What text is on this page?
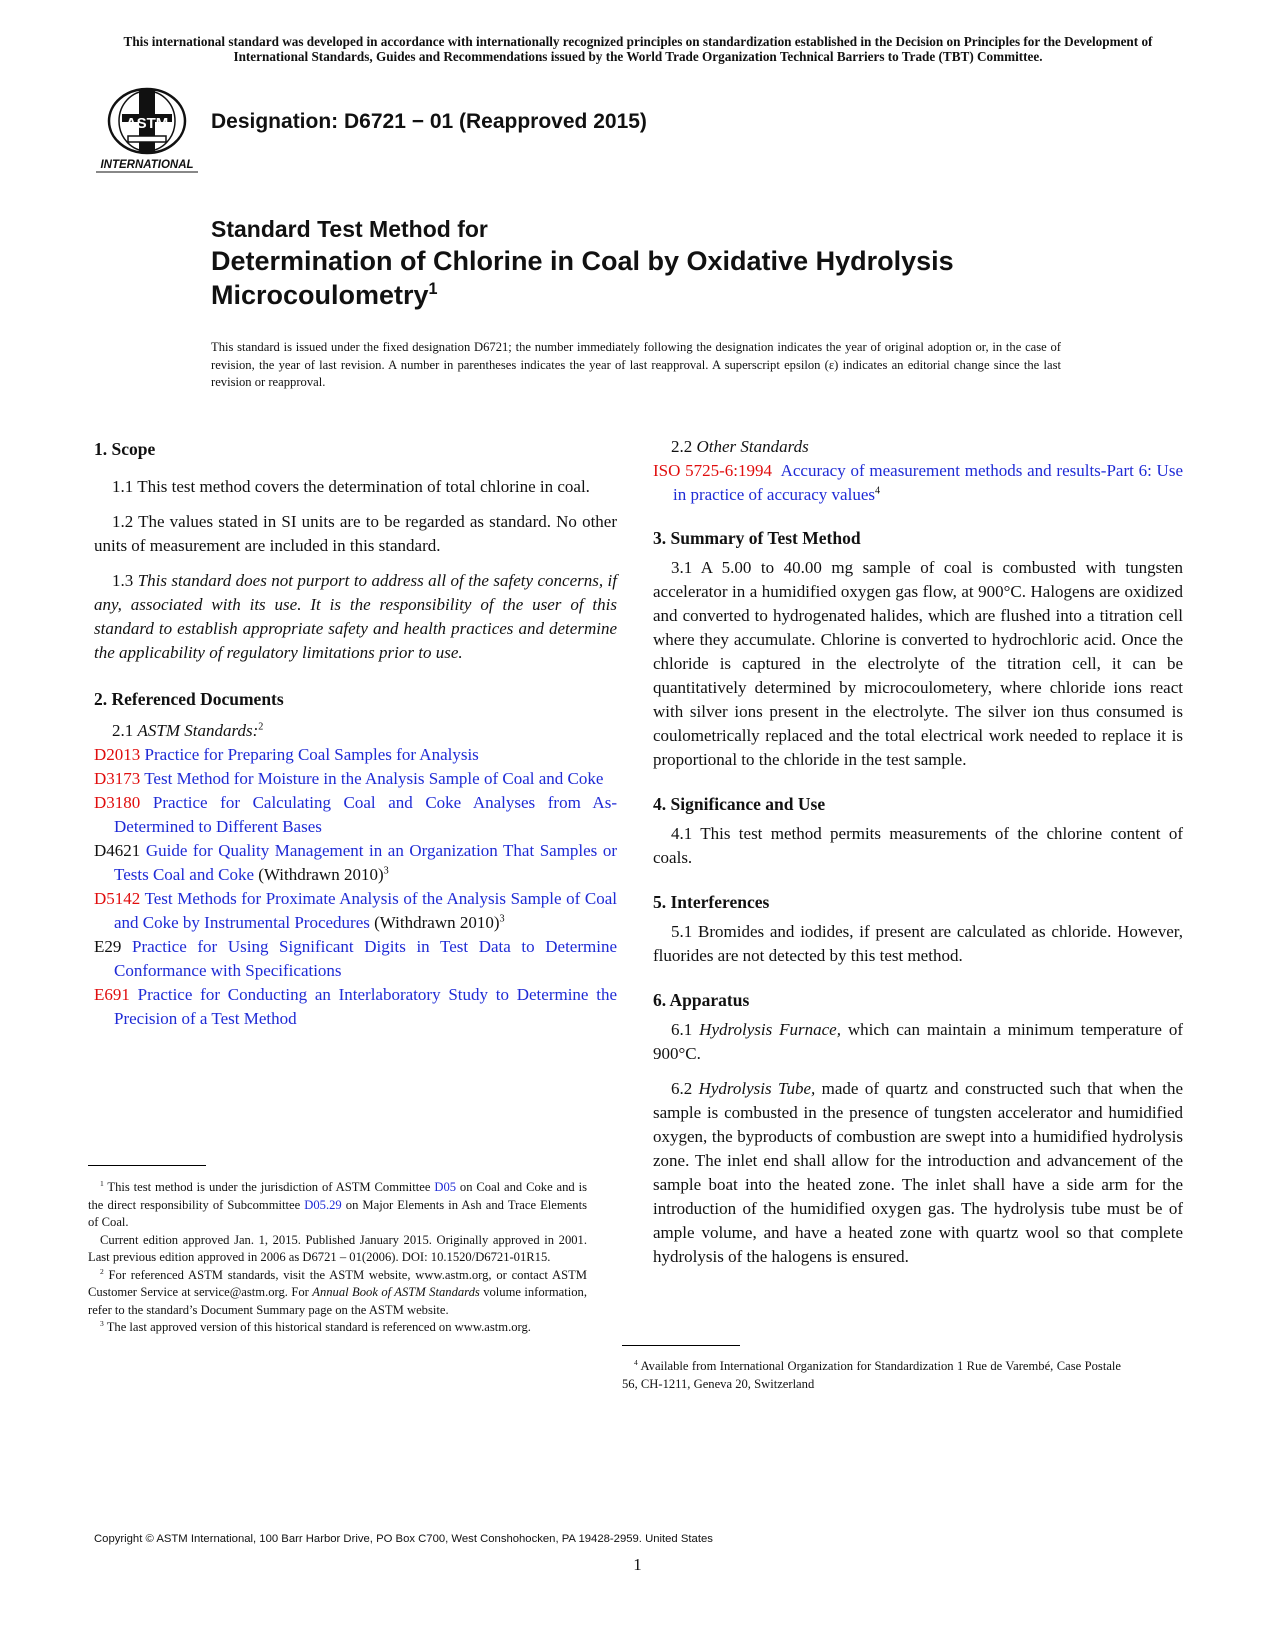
This international standard was developed in accordance with internationally recognized principles on standardization established in the Decision on Principles for the Development of International Standards, Guides and Recommendations issued by the World Trade Organization Technical Barriers to Trade (TBT) Committee.
ASTM
INTERNATIONAL
Designation: D6721 − 01 (Reapproved 2015)
Standard Test Method for
Determination of Chlorine in Coal by Oxidative Hydrolysis
Microcoulometry$^1$
This standard is issued under the fixed designation D6721; the number immediately following the designation indicates the year of original adoption or, in the case of revision, the year of last revision. A number in parentheses indicates the year of last reapproval. A superscript epsilon (ε) indicates an editorial change since the last revision or reapproval.
1. Scope

1.1 This test method covers the determination of total chlorine in coal.

1.2 The values stated in SI units are to be regarded as standard. No other units of measurement are included in this standard.

1.3 This standard does not purport to address all of the safety concerns, if any, associated with its use. It is the responsibility of the user of this standard to establish appropriate safety and health practices and determine the applicability of regulatory limitations prior to use.

2. Referenced Documents

2.1 ASTM Standards:$^2$

D2013 Practice for Preparing Coal Samples for Analysis

D3173 Test Method for Moisture in the Analysis Sample of Coal and Coke

D3180 Practice for Calculating Coal and Coke Analyses from As-Determined to Different Bases

D4621 Guide for Quality Management in an Organization That Samples or Tests Coal and Coke (Withdrawn 2010)$^3$

D5142 Test Methods for Proximate Analysis of the Analysis Sample of Coal and Coke by Instrumental Procedures (Withdrawn 2010)$^3$

E29 Practice for Using Significant Digits in Test Data to Determine Conformance with Specifications

E691 Practice for Conducting an Interlaboratory Study to Determine the Precision of a Test Method

$^1$ This test method is under the jurisdiction of ASTM Committee D05 on Coal and Coke and is the direct responsibility of Subcommittee D05.29 on Major Elements in Ash and Trace Elements of Coal.

Current edition approved Jan. 1, 2015. Published January 2015. Originally approved in 2001. Last previous edition approved in 2006 as D6721 – 01(2006). DOI: 10.1520/D6721-01R15.

$^2$ For referenced ASTM standards, visit the ASTM website, www.astm.org, or contact ASTM Customer Service at service@astm.org. For Annual Book of ASTM Standards volume information, refer to the standard’s Document Summary page on the ASTM website.

$^3$ The last approved version of this historical standard is referenced on www.astm.org.

2.2 Other Standards

ISO 5725-6:1994 Accuracy of measurement methods and results-Part 6: Use in practice of accuracy values$^4$

3. Summary of Test Method

3.1 A 5.00 to 40.00 mg sample of coal is combusted with tungsten accelerator in a humidified oxygen gas flow, at 900°C. Halogens are oxidized and converted to hydrogenated halides, which are flushed into a titration cell where they accumulate. Chlorine is converted to hydrochloric acid. Once the chloride is captured in the electrolyte of the titration cell, it can be quantitatively determined by microcoulometery, where chloride ions react with silver ions present in the electrolyte. The silver ion thus consumed is coulometrically replaced and the total electrical work needed to replace it is proportional to the chloride in the test sample.

4. Significance and Use

4.1 This test method permits measurements of the chlorine content of coals.

5. Interferences

5.1 Bromides and iodides, if present are calculated as chloride. However, fluorides are not detected by this test method.

6. Apparatus

6.1 Hydrolysis Furnace, which can maintain a minimum temperature of 900°C.

6.2 Hydrolysis Tube, made of quartz and constructed such that when the sample is combusted in the presence of tungsten accelerator and humidified oxygen, the byproducts of combustion are swept into a humidified hydrolysis zone. The inlet end shall allow for the introduction and advancement of the sample boat into the heated zone. The inlet shall have a side arm for the introduction of the humidified oxygen gas. The hydrolysis tube must be of ample volume, and have a heated zone with quartz wool so that complete hydrolysis of the halogens is ensured.

$^4$ Available from International Organization for Standardization 1 Rue de Varembé, Case Postale 56, CH-1211, Geneva 20, Switzerland

Copyright © ASTM International, 100 Barr Harbor Drive, PO Box C700, West Conshohocken, PA 19428-2959. United States
1
